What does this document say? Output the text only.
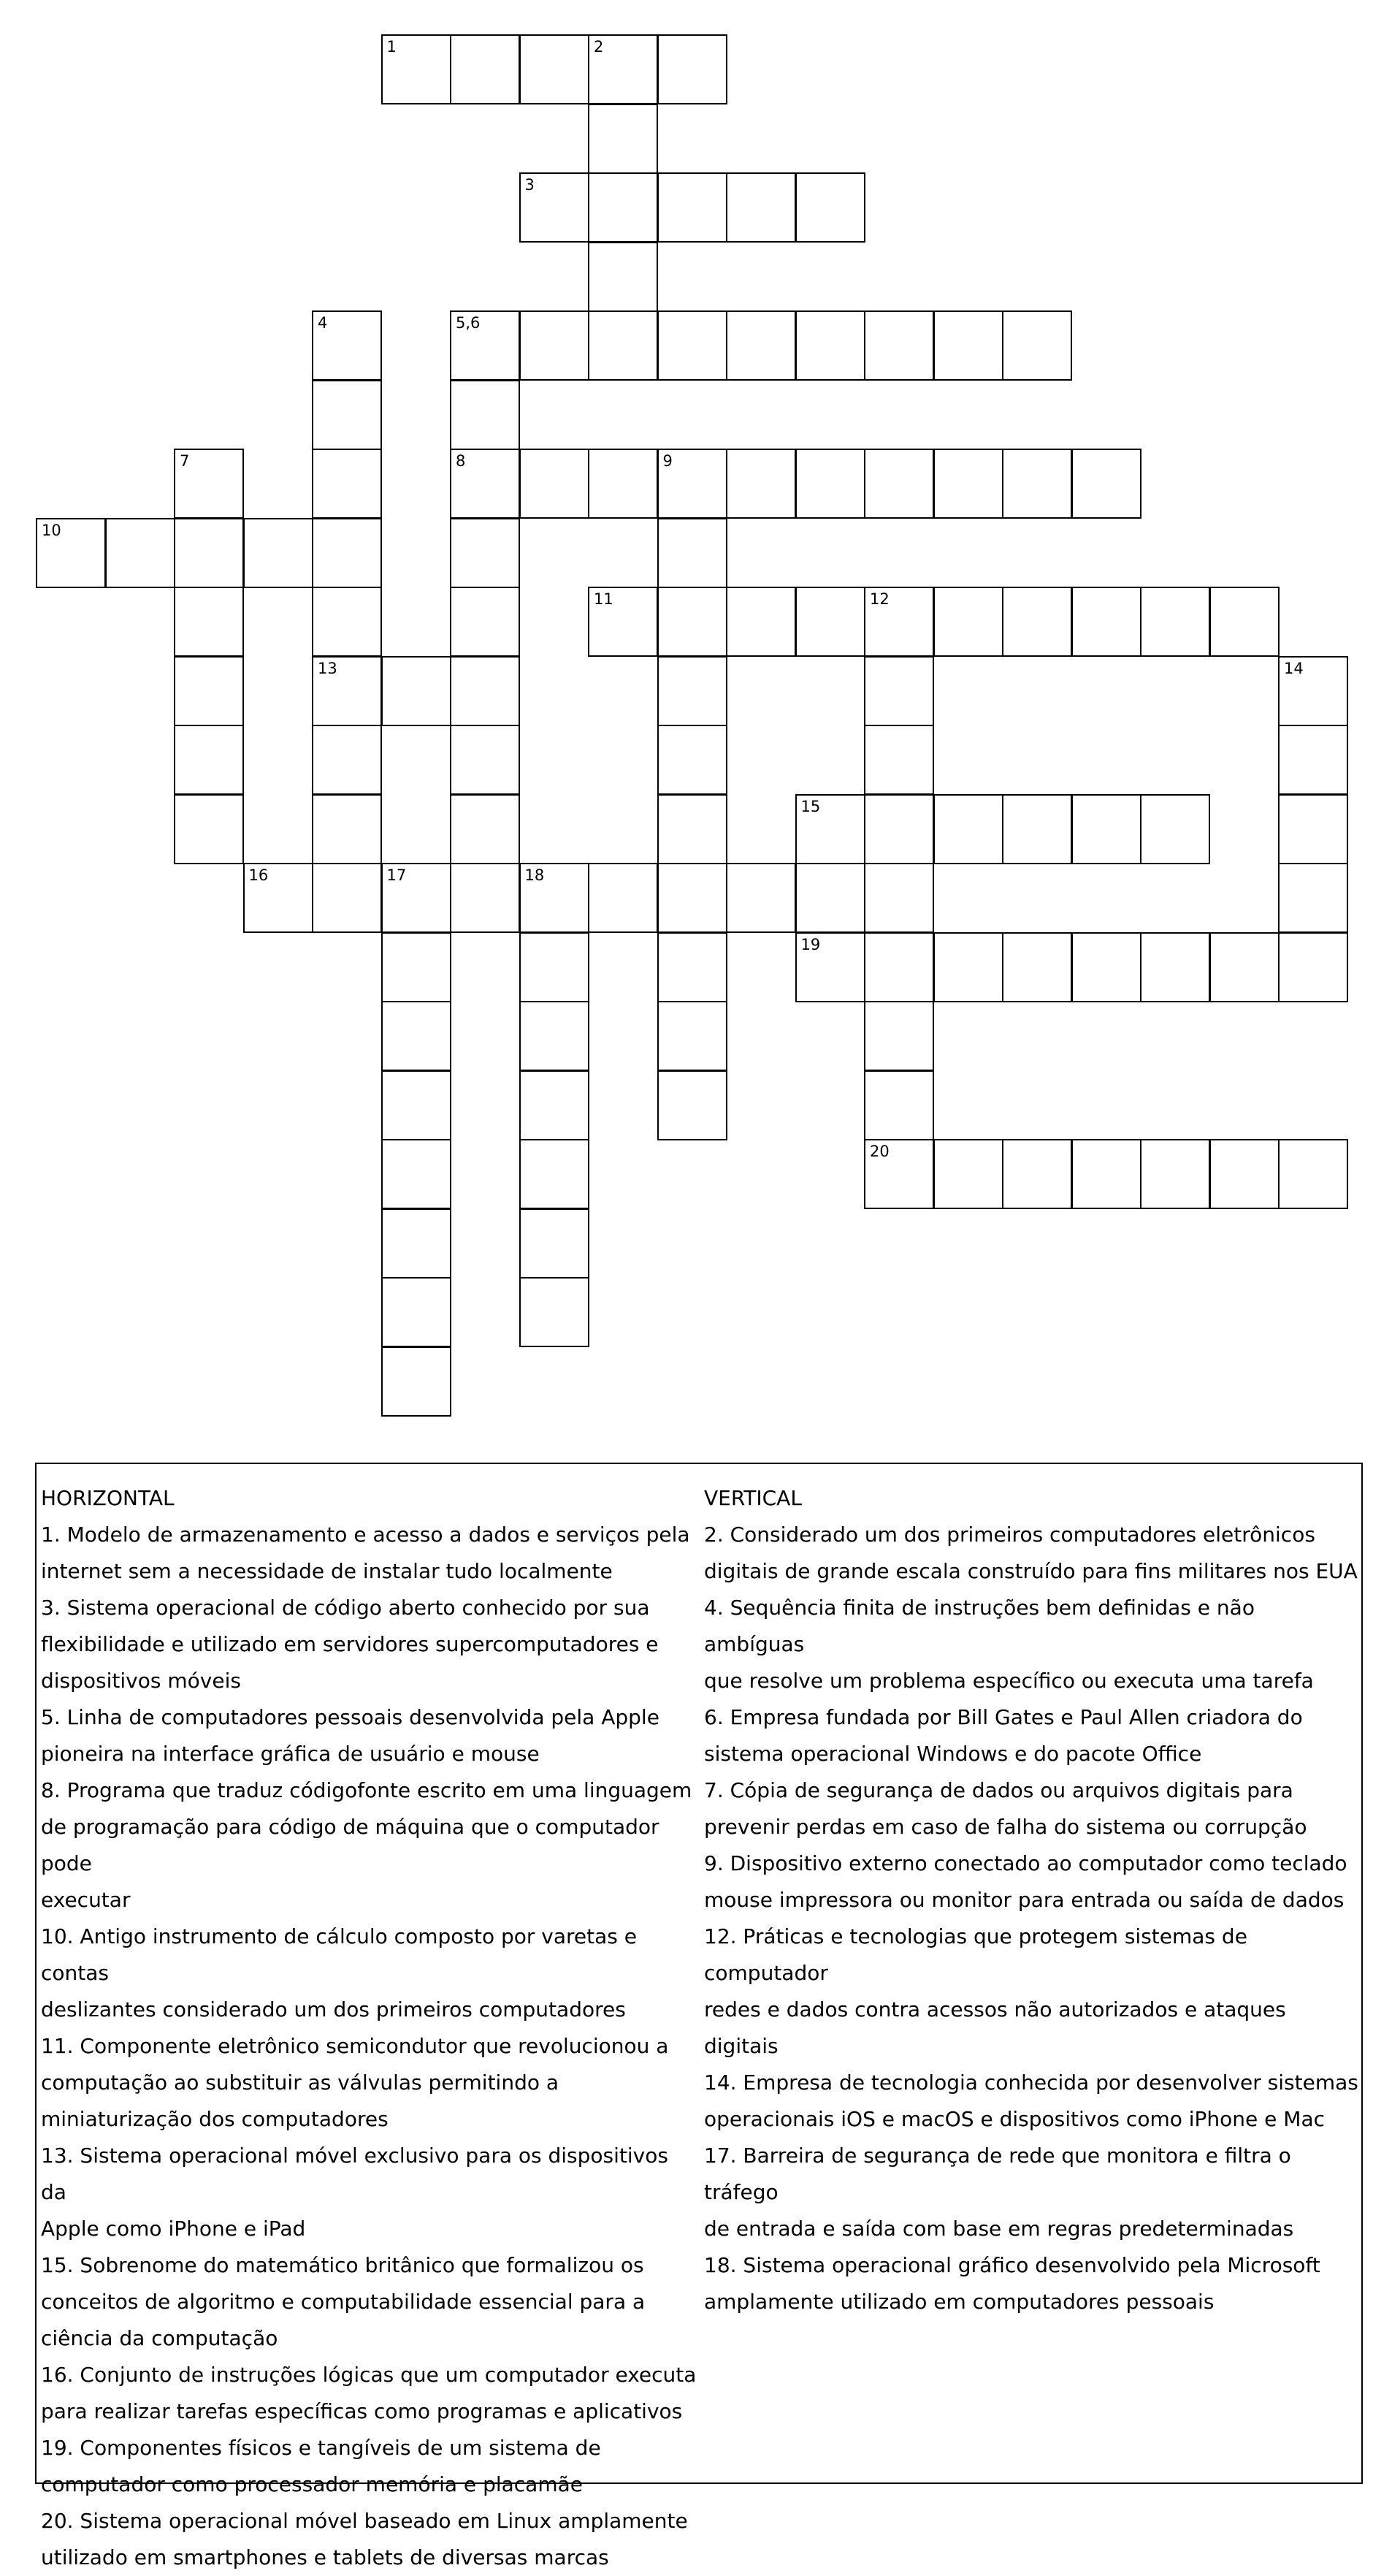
1	2
3
4	5,6
7	8	9
10
11	12
13	14
15
16	17	18
19
20
HORIZONTAL
1. Modelo de armazenamento e acesso a dados e serviços pela
internet sem a necessidade de instalar tudo localmente
3. Sistema operacional de código aberto conhecido por sua
flexibilidade e utilizado em servidores supercomputadores e
dispositivos móveis
5. Linha de computadores pessoais desenvolvida pela Apple
pioneira na interface gráfica de usuário e mouse
8. Programa que traduz códigofonte escrito em uma linguagem
de programação para código de máquina que o computador pode
executar
10. Antigo instrumento de cálculo composto por varetas e contas
deslizantes considerado um dos primeiros computadores
11. Componente eletrônico semicondutor que revolucionou a
computação ao substituir as válvulas permitindo a
miniaturização dos computadores
13. Sistema operacional móvel exclusivo para os dispositivos da
Apple como iPhone e iPad
15. Sobrenome do matemático britânico que formalizou os
conceitos de algoritmo e computabilidade essencial para a
ciência da computação
16. Conjunto de instruções lógicas que um computador executa
para realizar tarefas específicas como programas e aplicativos
19. Componentes físicos e tangíveis de um sistema de
computador como processador memória e placamãe
20. Sistema operacional móvel baseado em Linux amplamente
utilizado em smartphones e tablets de diversas marcas
VERTICAL
2. Considerado um dos primeiros computadores eletrônicos
digitais de grande escala construído para fins militares nos EUA
4. Sequência finita de instruções bem definidas e não ambíguas
que resolve um problema específico ou executa uma tarefa
6. Empresa fundada por Bill Gates e Paul Allen criadora do
sistema operacional Windows e do pacote Office
7. Cópia de segurança de dados ou arquivos digitais para
prevenir perdas em caso de falha do sistema ou corrupção
9. Dispositivo externo conectado ao computador como teclado
mouse impressora ou monitor para entrada ou saída de dados
12. Práticas e tecnologias que protegem sistemas de computador
redes e dados contra acessos não autorizados e ataques digitais
14. Empresa de tecnologia conhecida por desenvolver sistemas
operacionais iOS e macOS e dispositivos como iPhone e Mac
17. Barreira de segurança de rede que monitora e filtra o tráfego
de entrada e saída com base em regras predeterminadas
18. Sistema operacional gráfico desenvolvido pela Microsoft
amplamente utilizado em computadores pessoais
